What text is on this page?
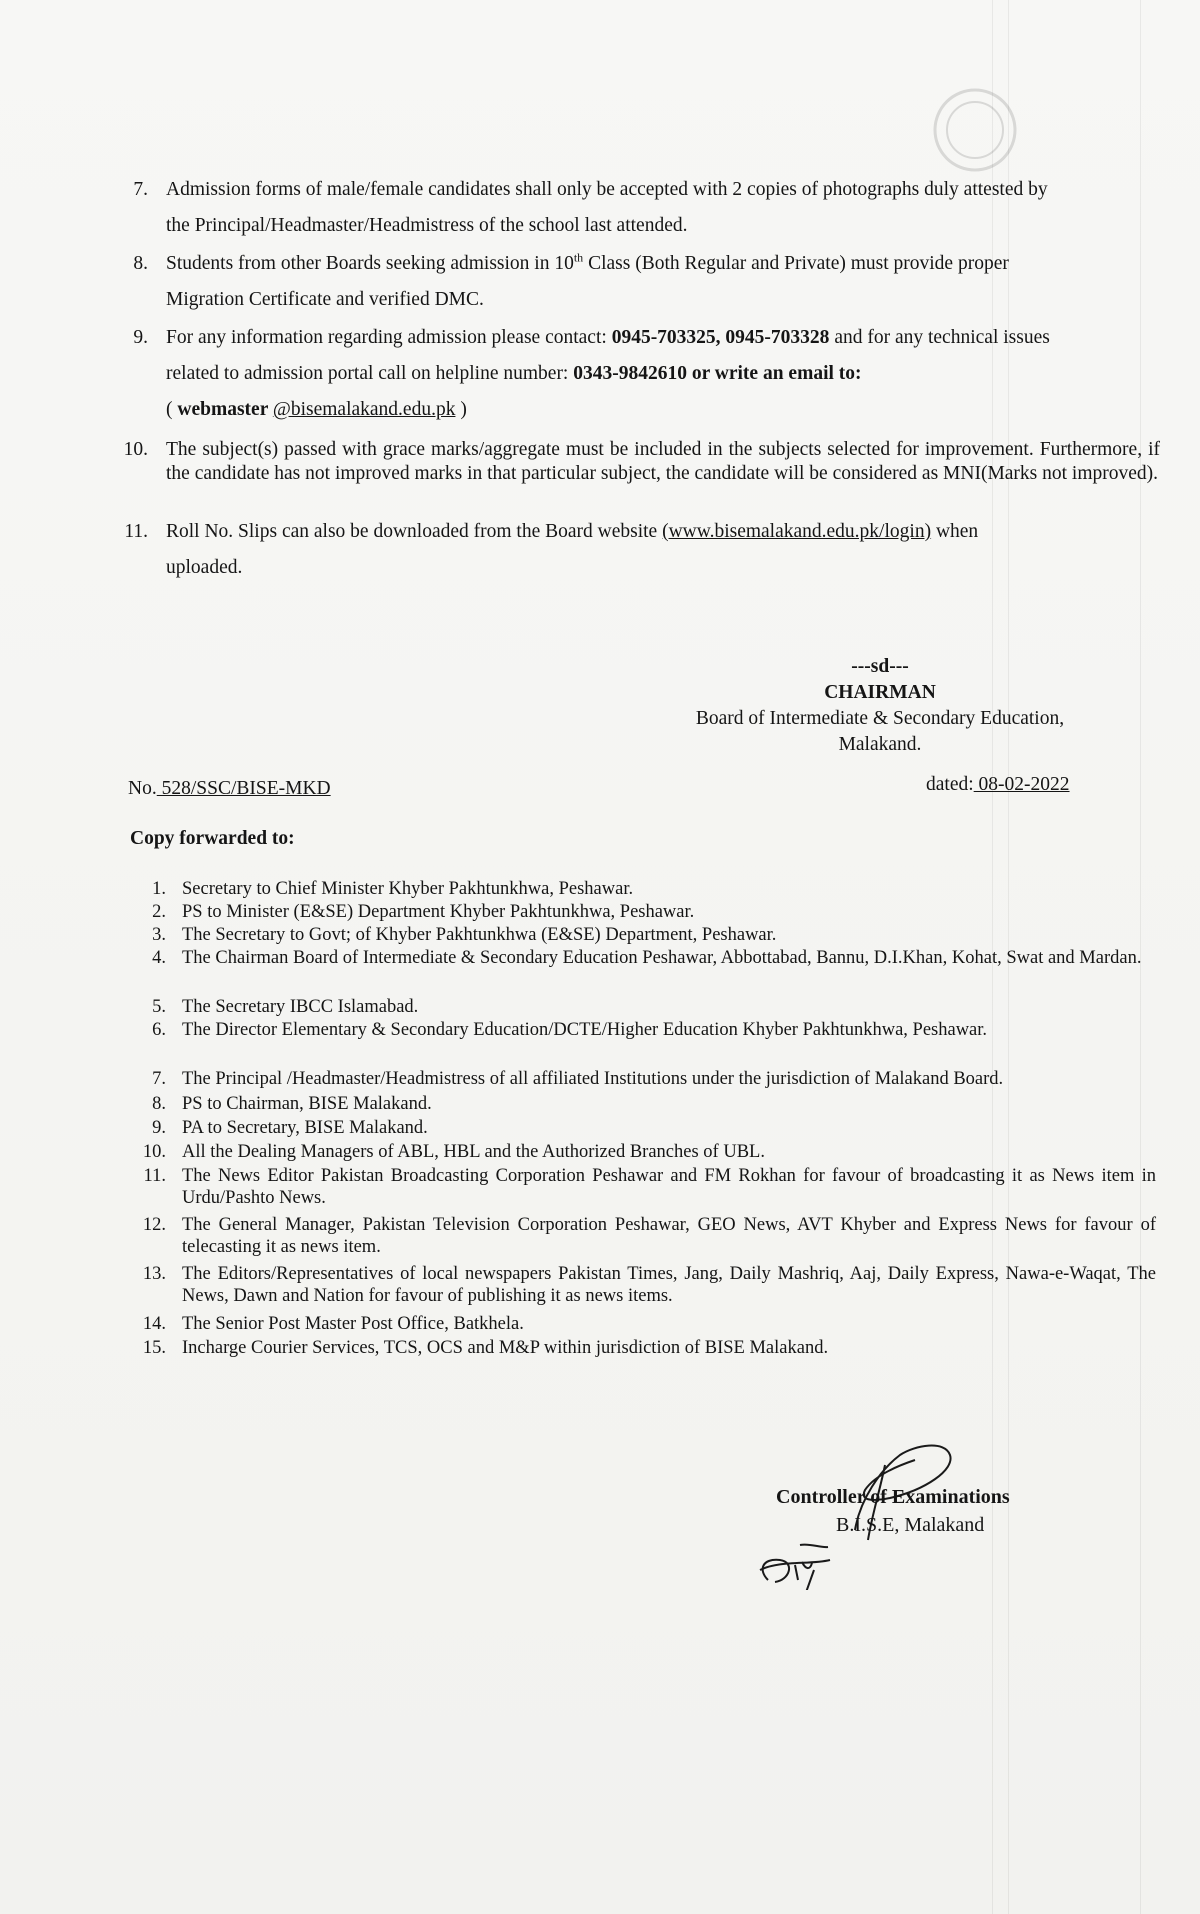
7. Admission forms of male/female candidates shall only be accepted with 2 copies of photographs duly attested by
the Principal/Headmaster/Headmistress of the school last attended.
8. Students from other Boards seeking admission in 10th Class (Both Regular and Private) must provide proper
Migration Certificate and verified DMC.
9. For any information regarding admission please contact: 0945-703325, 0945-703328 and for any technical issues
related to admission portal call on helpline number: 0343-9842610 or write an email to:
( webmaster @bisemalakand.edu.pk )
10. The subject(s) passed with grace marks/aggregate must be included in the subjects selected for improvement. Furthermore, if the candidate has not improved marks in that particular subject, the candidate will be considered as MNI(Marks not improved).
11. Roll No. Slips can also be downloaded from the Board website (www.bisemalakand.edu.pk/login) when
uploaded.
---sd---
CHAIRMAN
Board of Intermediate & Secondary Education,
Malakand.
No. 528/SSC/BISE-MKD	dated: 08-02-2022
Copy forwarded to:
1. Secretary to Chief Minister Khyber Pakhtunkhwa, Peshawar.
2. PS to Minister (E&SE) Department Khyber Pakhtunkhwa, Peshawar.
3. The Secretary to Govt; of Khyber Pakhtunkhwa (E&SE) Department, Peshawar.
4. The Chairman Board of Intermediate & Secondary Education Peshawar, Abbottabad, Bannu, D.I.Khan, Kohat, Swat and Mardan.
5. The Secretary IBCC Islamabad.
6. The Director Elementary & Secondary Education/DCTE/Higher Education Khyber Pakhtunkhwa, Peshawar.
7. The Principal /Headmaster/Headmistress of all affiliated Institutions under the jurisdiction of Malakand Board.
8. PS to Chairman, BISE Malakand.
9. PA to Secretary, BISE Malakand.
10. All the Dealing Managers of ABL, HBL and the Authorized Branches of UBL.
11. The News Editor Pakistan Broadcasting Corporation Peshawar and FM Rokhan for favour of broadcasting it as News item in Urdu/Pashto News.
12. The General Manager, Pakistan Television Corporation Peshawar, GEO News, AVT Khyber and Express News for favour of telecasting it as news item.
13. The Editors/Representatives of local newspapers Pakistan Times, Jang, Daily Mashriq, Aaj, Daily Express, Nawa-e-Waqat, The News, Dawn and Nation for favour of publishing it as news items.
14. The Senior Post Master Post Office, Batkhela.
15. Incharge Courier Services, TCS, OCS and M&P within jurisdiction of BISE Malakand.
Controller of Examinations
B.I.S.E, Malakand
